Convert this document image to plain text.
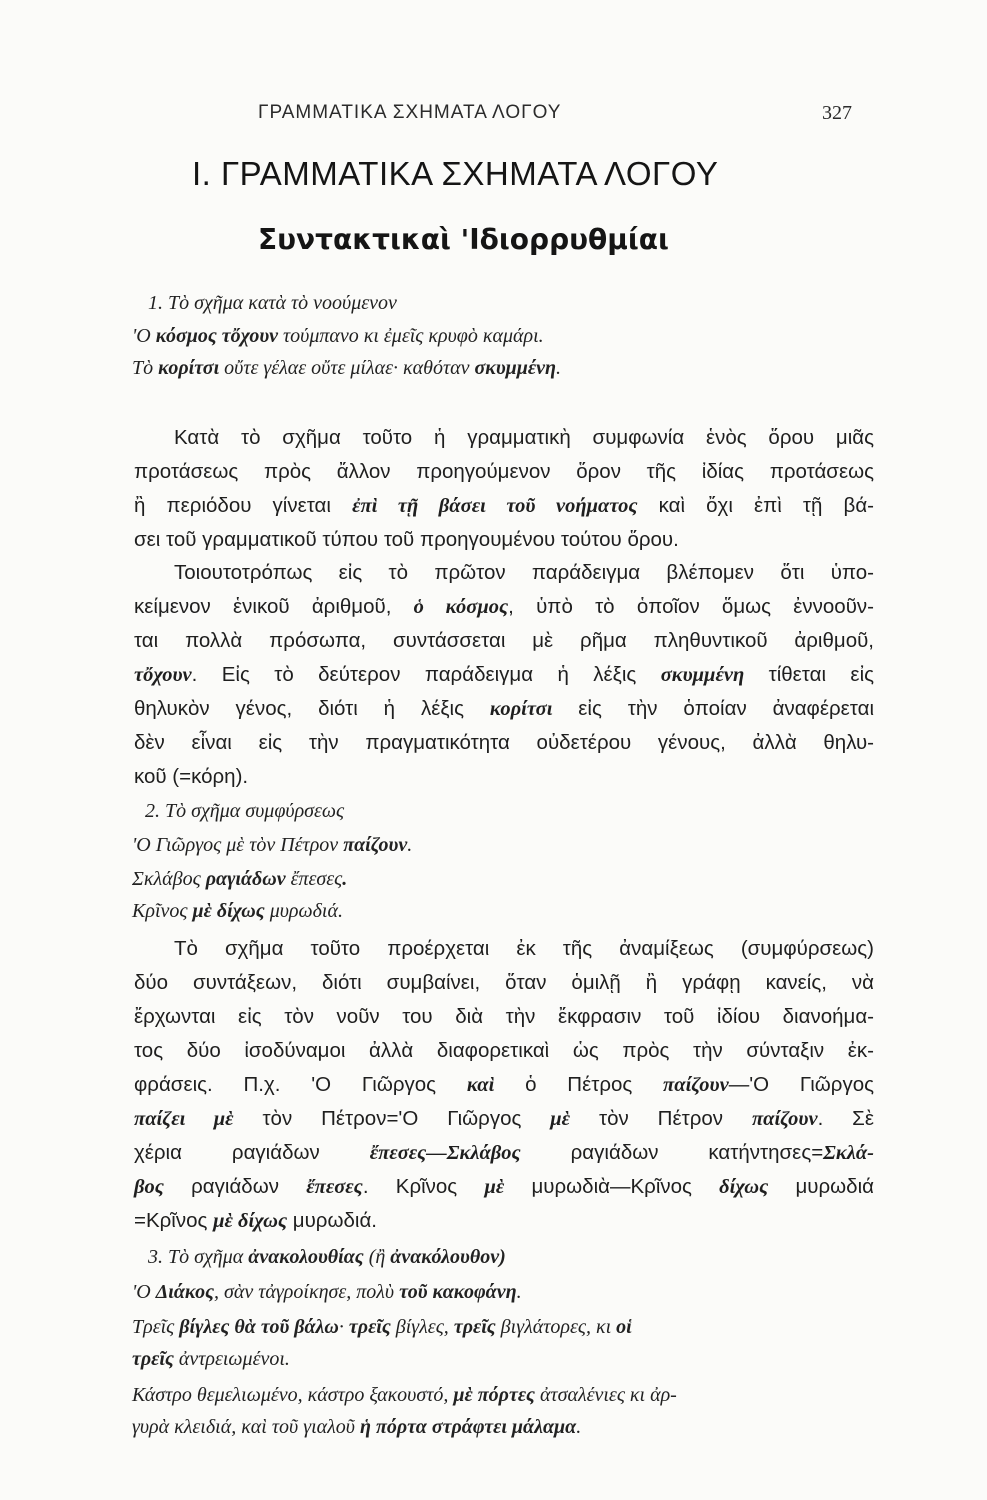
ΓΡΑΜΜΑΤΙΚΑ ΣΧΗΜΑΤΑ ΛΟΓΟΥ	327
Ι. ΓΡΑΜΜΑΤΙΚΑ ΣΧΗΜΑΤΑ ΛΟΓΟΥ
Συντακτικαὶ 'Ιδιορρυθμίαι
1. Τὸ σχῆμα κατὰ τὸ νοούμενον
'Ο κόσμος τὄχουν τούμπανο κι ἐμεῖς κρυφὸ καμάρι.
Τὸ κορίτσι οὔτε γέλαε οὔτε μίλαε· καθόταν σκυμμένη.
Κατὰ τὸ σχῆμα τοῦτο ἡ γραμματικὴ συμφωνία ἑνὸς ὅρου μιᾶς
προτάσεως πρὸς ἄλλον προηγούμενον ὅρον τῆς ἰδίας προτάσεως
ἢ περιόδου γίνεται ἐπὶ τῇ βάσει τοῦ νοήματος καὶ ὄχι ἐπὶ τῇ βά-
σει τοῦ γραμματικοῦ τύπου τοῦ προηγουμένου τούτου ὅρου.
Τοιουτοτρόπως εἰς τὸ πρῶτον παράδειγμα βλέπομεν ὅτι ὑπο-
κείμενον ἑνικοῦ ἀριθμοῦ, ὁ κόσμος, ὑπὸ τὸ ὁποῖον ὅμως ἐννοοῦν-
ται πολλὰ πρόσωπα, συντάσσεται μὲ ρῆμα πληθυντικοῦ ἀριθμοῦ,
τὄχουν. Εἰς τὸ δεύτερον παράδειγμα ἡ λέξις σκυμμένη τίθεται εἰς
θηλυκὸν γένος, διότι ἡ λέξις κορίτσι εἰς τὴν ὁποίαν ἀναφέρεται
δὲν εἶναι εἰς τὴν πραγματικότητα οὐδετέρου γένους, ἀλλὰ θηλυ-
κοῦ (=κόρη).
2. Τὸ σχῆμα συμφύρσεως
'Ο Γιῶργος μὲ τὸν Πέτρον παίζουν.
Σκλάβος ραγιάδων ἔπεσες.
Κρῖνος μὲ δίχως μυρωδιά.
Τὸ σχῆμα τοῦτο προέρχεται ἐκ τῆς ἀναμίξεως (συμφύρσεως)
δύο συντάξεων, διότι συμβαίνει, ὅταν ὁμιλῇ ἢ γράφῃ κανείς, νὰ
ἔρχωνται εἰς τὸν νοῦν του διὰ τὴν ἔκφρασιν τοῦ ἰδίου διανοήμα-
τος δύο ἰσοδύναμοι ἀλλὰ διαφορετικαὶ ὡς πρὸς τὴν σύνταξιν ἐκ-
φράσεις. Π.χ. 'Ο Γιῶργος καὶ ὁ Πέτρος παίζουν—'Ο Γιῶργος
παίζει μὲ τὸν Πέτρον='Ο Γιῶργος μὲ τὸν Πέτρον παίζουν. Σὲ
χέρια ραγιάδων ἔπεσες—Σκλάβος ραγιάδων κατήντησες=Σκλά-
βος ραγιάδων ἔπεσες. Κρῖνος μὲ μυρωδιὰ—Κρῖνος δίχως μυρωδιά
=Κρῖνος μὲ δίχως μυρωδιά.
3. Τὸ σχῆμα ἀνακολουθίας (ἢ ἀνακόλουθον)
'Ο Διάκος, σὰν τἀγροίκησε, πολὺ τοῦ κακοφάνη.
Τρεῖς βίγλες θὰ τοῦ βάλω· τρεῖς βίγλες, τρεῖς βιγλάτορες, κι οἱ
τρεῖς ἀντρειωμένοι.
Κάστρο θεμελιωμένο, κάστρο ξακουστό, μὲ πόρτες ἀτσαλένιες κι ἀρ-
γυρὰ κλειδιά, καὶ τοῦ γιαλοῦ ἡ πόρτα στράφτει μάλαμα.
